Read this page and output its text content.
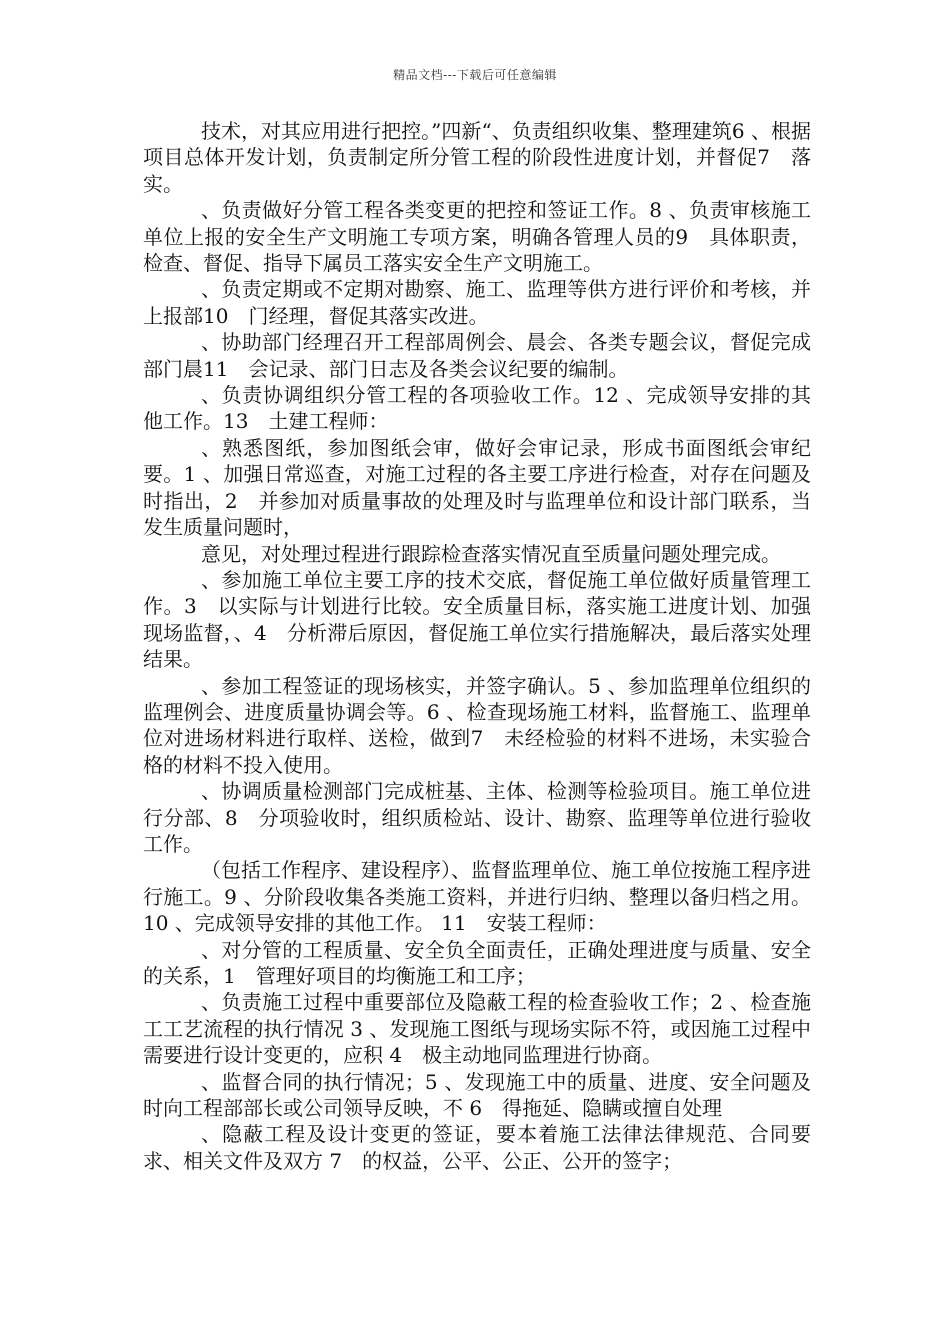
精品文档---下载后可任意编辑

技术，对其应用进行把控。”四新“、负责组织收集、整理建筑6 、根据项目总体开发计划，负责制定所分管工程的阶段性进度计划，并督促7　落实。

、负责做好分管工程各类变更的把控和签证工作。8 、负责审核施工单位上报的安全生产文明施工专项方案，明确各管理人员的9　具体职责，检查、督促、指导下属员工落实安全生产文明施工。

、负责定期或不定期对勘察、施工、监理等供方进行评价和考核，并上报部10　门经理，督促其落实改进。

、协助部门经理召开工程部周例会、晨会、各类专题会议，督促完成部门晨11　会记录、部门日志及各类会议纪要的编制。

、负责协调组织分管工程的各项验收工作。12 、完成领导安排的其他工作。13　土建工程师：

、熟悉图纸，参加图纸会审，做好会审记录，形成书面图纸会审纪要。1 、加强日常巡查，对施工过程的各主要工序进行检查，对存在问题及时指出，2　并参加对质量事故的处理及时与监理单位和设计部门联系，当发生质量问题时，

意见，对处理过程进行跟踪检查落实情况直至质量问题处理完成。

、参加施工单位主要工序的技术交底，督促施工单位做好质量管理工作。3　以实际与计划进行比较。安全质量目标，落实施工进度计划、加强现场监督，、4　分析滞后原因，督促施工单位实行措施解决，最后落实处理结果。

、参加工程签证的现场核实，并签字确认。5 、参加监理单位组织的监理例会、进度质量协调会等。6 、检查现场施工材料，监督施工、监理单位对进场材料进行取样、送检，做到7　未经检验的材料不进场，未实验合格的材料不投入使用。

、协调质量检测部门完成桩基、主体、检测等检验项目。施工单位进行分部、8　分项验收时，组织质检站、设计、勘察、监理等单位进行验收工作。

（包括工作程序、建设程序）、监督监理单位、施工单位按施工程序进行施工。9 、分阶段收集各类施工资料，并进行归纳、整理以备归档之用。10 、完成领导安排的其他工作。 11　安装工程师：

、对分管的工程质量、安全负全面责任，正确处理进度与质量、安全的关系，1　管理好项目的均衡施工和工序；

、负责施工过程中重要部位及隐蔽工程的检查验收工作；2 、检查施工工艺流程的执行情况 3 、发现施工图纸与现场实际不符，或因施工过程中需要进行设计变更的，应积 4　极主动地同监理进行协商。

、监督合同的执行情况；5 、发现施工中的质量、进度、安全问题及时向工程部部长或公司领导反映，不 6　得拖延、隐瞒或擅自处理

、隐蔽工程及设计变更的签证，要本着施工法律法律规范、合同要求、相关文件及双方 7　的权益，公平、公正、公开的签字；
